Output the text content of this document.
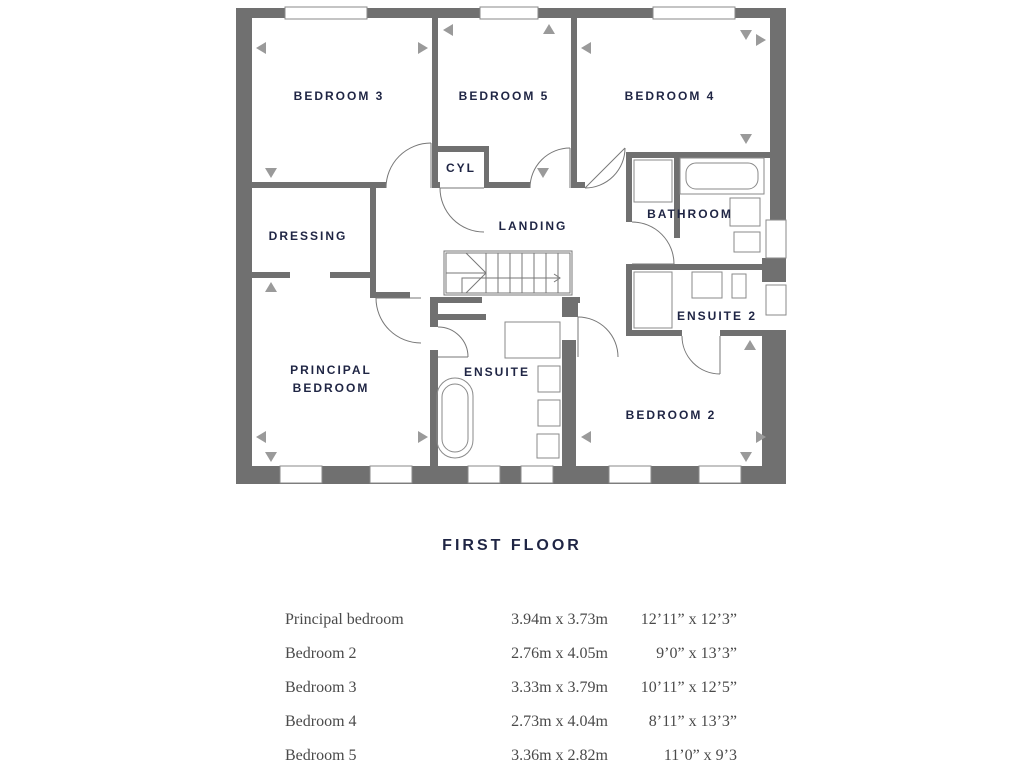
BEDROOM 3	BEDROOM 5	BEDROOM 4
CYL
LANDING
BATHROOM
DRESSING
ENSUITE 2
PRINCIPAL
BEDROOM
ENSUITE
BEDROOM 2
FIRST FLOOR
Principal bedroom	3.94m x 3.73m	12’11” x 12’3”
Bedroom 2	2.76m x 4.05m	9’0” x 13’3”
Bedroom 3	3.33m x 3.79m	10’11” x 12’5”
Bedroom 4	2.73m x 4.04m	8’11” x 13’3”
Bedroom 5	3.36m x 2.82m	11’0” x 9’3
